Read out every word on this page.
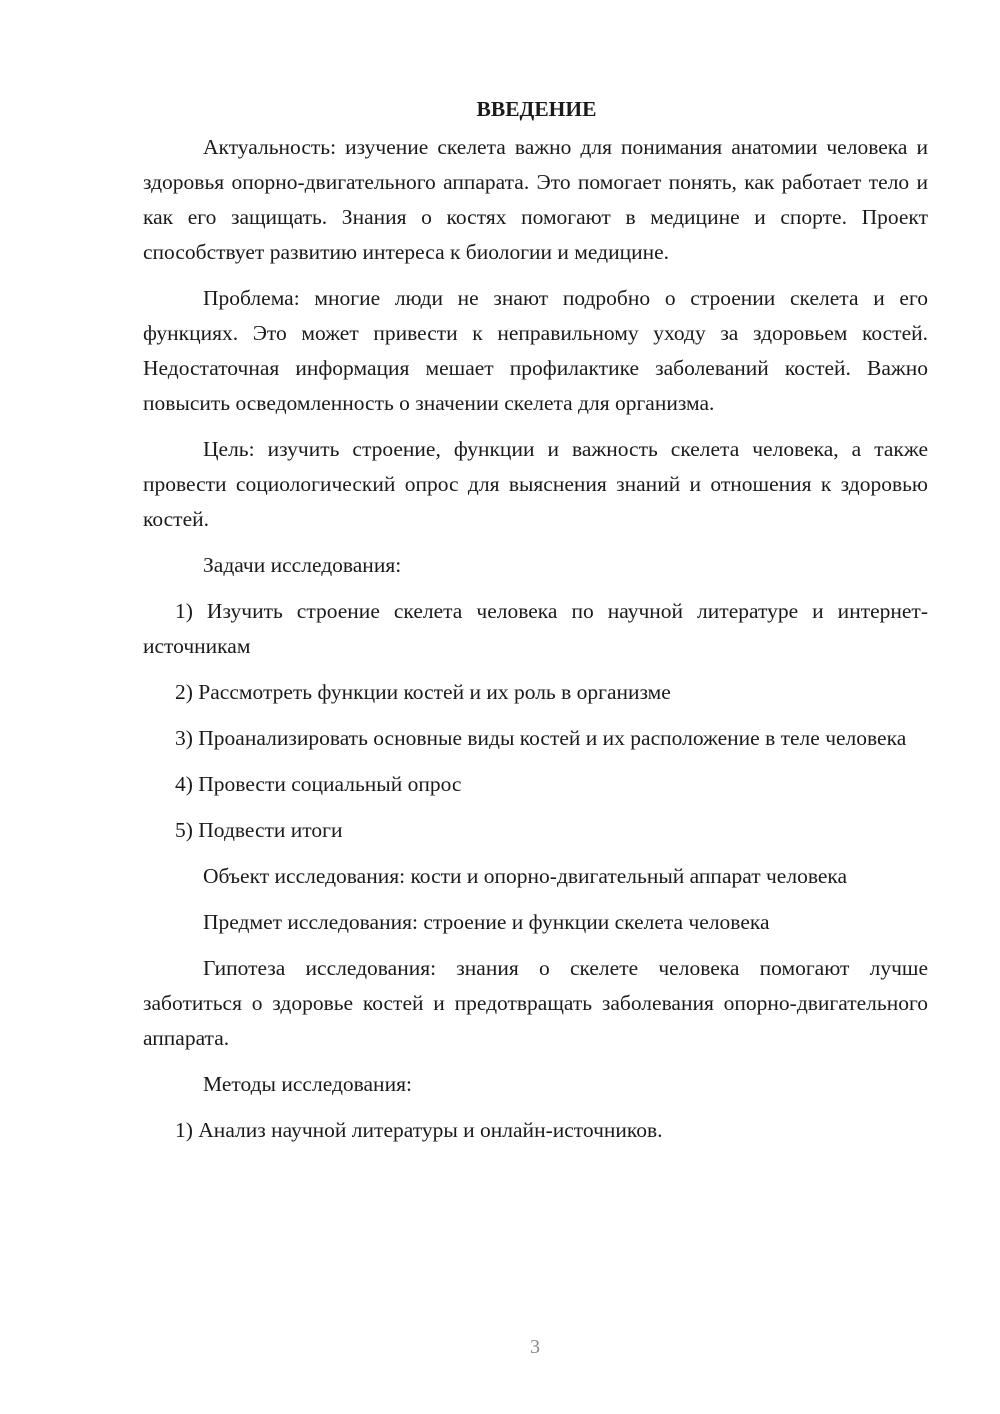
ВВЕДЕНИЕ

Актуальность: изучение скелета важно для понимания анатомии человека и здоровья опорно-двигательного аппарата. Это помогает понять, как работает тело и как его защищать. Знания о костях помогают в медицине и спорте. Проект способствует развитию интереса к биологии и медицине.

Проблема: многие люди не знают подробно о строении скелета и его функциях. Это может привести к неправильному уходу за здоровьем костей. Недостаточная информация мешает профилактике заболеваний костей. Важно повысить осведомленность о значении скелета для организма.

Цель: изучить строение, функции и важность скелета человека, а также провести социологический опрос для выяснения знаний и отношения к здоровью костей.

Задачи исследования:

1) Изучить строение скелета человека по научной литературе и интернет-источникам

2) Рассмотреть функции костей и их роль в организме

3) Проанализировать основные виды костей и их расположение в теле человека

4) Провести социальный опрос

5) Подвести итоги

Объект исследования: кости и опорно-двигательный аппарат человека

Предмет исследования: строение и функции скелета человека

Гипотеза исследования: знания о скелете человека помогают лучше заботиться о здоровье костей и предотвращать заболевания опорно-двигательного аппарата.

Методы исследования:

1) Анализ научной литературы и онлайн-источников.

3
